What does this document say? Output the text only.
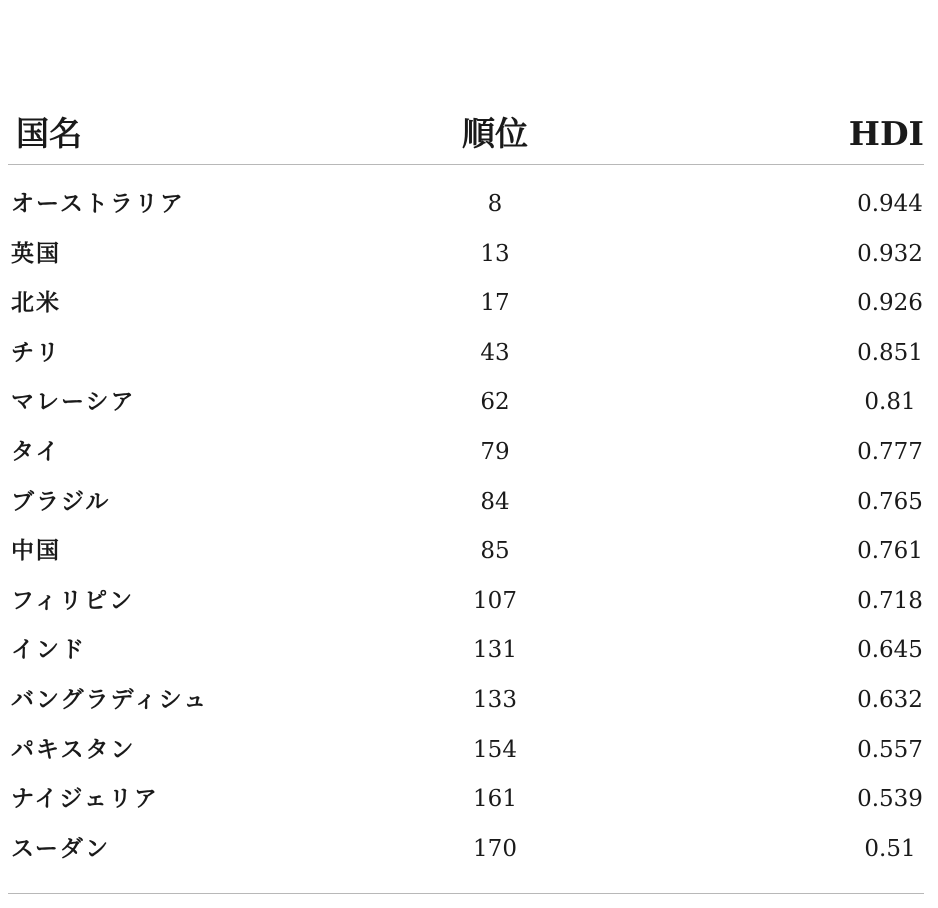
国名	順位	HDI
オーストラリア	8	0.944
英国	13	0.932
北米	17	0.926
チリ	43	0.851
マレーシア	62	0.81
タイ	79	0.777
ブラジル	84	0.765
中国	85	0.761
フィリピン	107	0.718
インド	131	0.645
バングラディシュ	133	0.632
パキスタン	154	0.557
ナイジェリア	161	0.539
スーダン	170	0.51
